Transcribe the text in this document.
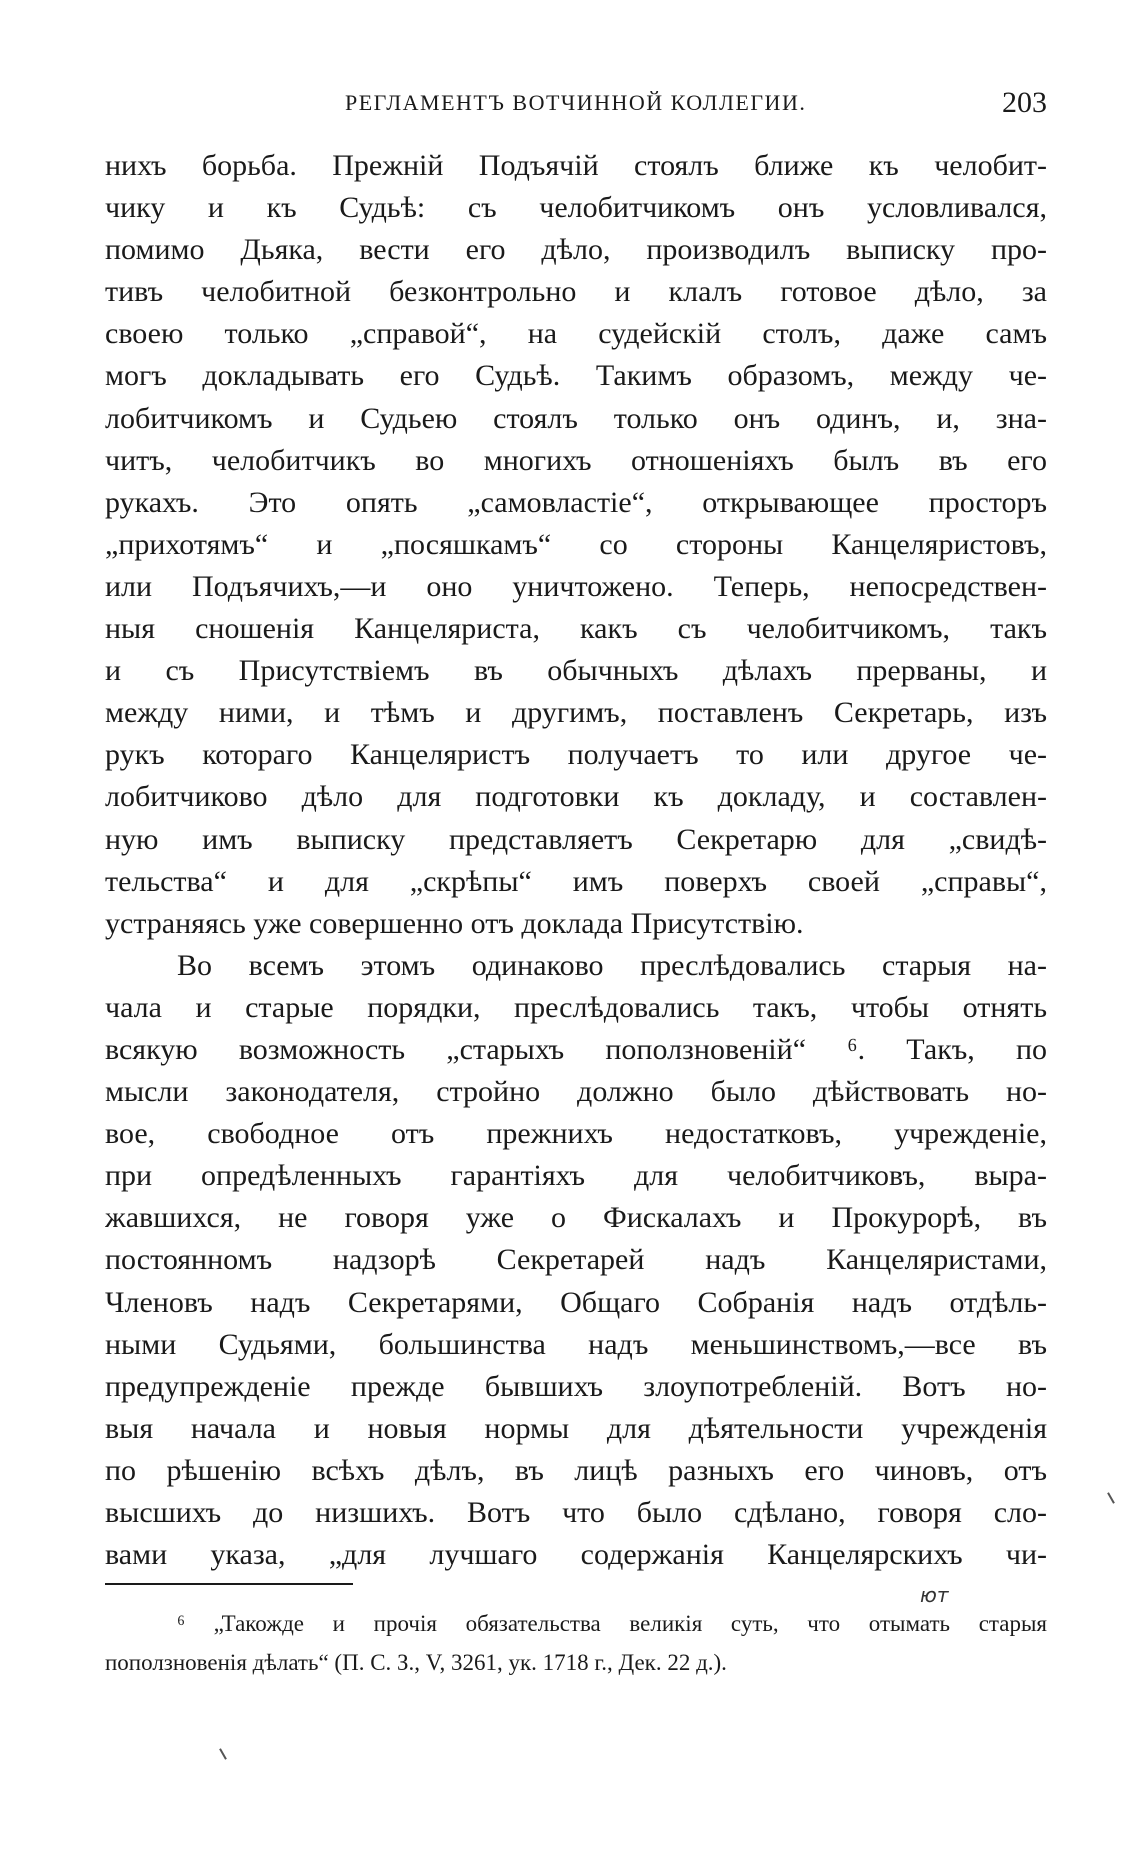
РЕГЛАМЕНТЪ ВОТЧИННОЙ КОЛЛЕГИИ.	203
нихъ борьба. Прежній Подъячій стоялъ ближе къ челобит-
чику и къ Судьѣ: съ челобитчикомъ онъ условливался,
помимо Дьяка, вести его дѣло, производилъ выписку про-
тивъ челобитной безконтрольно и клалъ готовое дѣло, за
своею только „справой“, на судейскій столъ, даже самъ
могъ докладывать его Судьѣ. Такимъ образомъ, между че-
лобитчикомъ и Судьею стоялъ только онъ одинъ, и, зна-
читъ, челобитчикъ во многихъ отношеніяхъ былъ въ его
рукахъ. Это опять „самовластіе“, открывающее просторъ
„прихотямъ“ и „посяшкамъ“ со стороны Канцеляристовъ,
или Подъячихъ,—и оно уничтожено. Теперь, непосредствен-
ныя сношенія Канцеляриста, какъ съ челобитчикомъ, такъ
и съ Присутствіемъ въ обычныхъ дѣлахъ прерваны, и
между ними, и тѣмъ и другимъ, поставленъ Секретарь, изъ
рукъ котораго Канцеляристъ получаетъ то или другое че-
лобитчиково дѣло для подготовки къ докладу, и составлен-
ную имъ выписку представляетъ Секретарю для „свидѣ-
тельства“ и для „скрѣпы“ имъ поверхъ своей „справы“,
устраняясь уже совершенно отъ доклада Присутствію.
Во всемъ этомъ одинаково преслѣдовались старыя на-
чала и старые порядки, преслѣдовались такъ, чтобы отнять
всякую возможность „старыхъ поползновеній“ ⁶. Такъ, по
мысли законодателя, стройно должно было дѣйствовать но-
вое, свободное отъ прежнихъ недостатковъ, учрежденіе,
при опредѣленныхъ гарантіяхъ для челобитчиковъ, выра-
жавшихся, не говоря уже о Фискалахъ и Прокурорѣ, въ
постоянномъ надзорѣ Секретарей надъ Канцеляристами,
Членовъ надъ Секретарями, Общаго Собранія надъ отдѣль-
ными Судьями, большинства надъ меньшинствомъ,—все въ
предупрежденіе прежде бывшихъ злоупотребленій. Вотъ но-
выя начала и новыя нормы для дѣятельности учрежденія
по рѣшенію всѣхъ дѣлъ, въ лицѣ разныхъ его чиновъ, отъ
высшихъ до низшихъ. Вотъ что было сдѣлано, говоря сло-
вами указа, „для лучшаго содержанія Канцелярскихъ чи-
ют
⁶ „Такожде и прочія обязательства великія суть, что отымать старыя
поползновенія дѣлать“ (П. С. З., V, 3261, ук. 1718 г., Дек. 22 д.).
